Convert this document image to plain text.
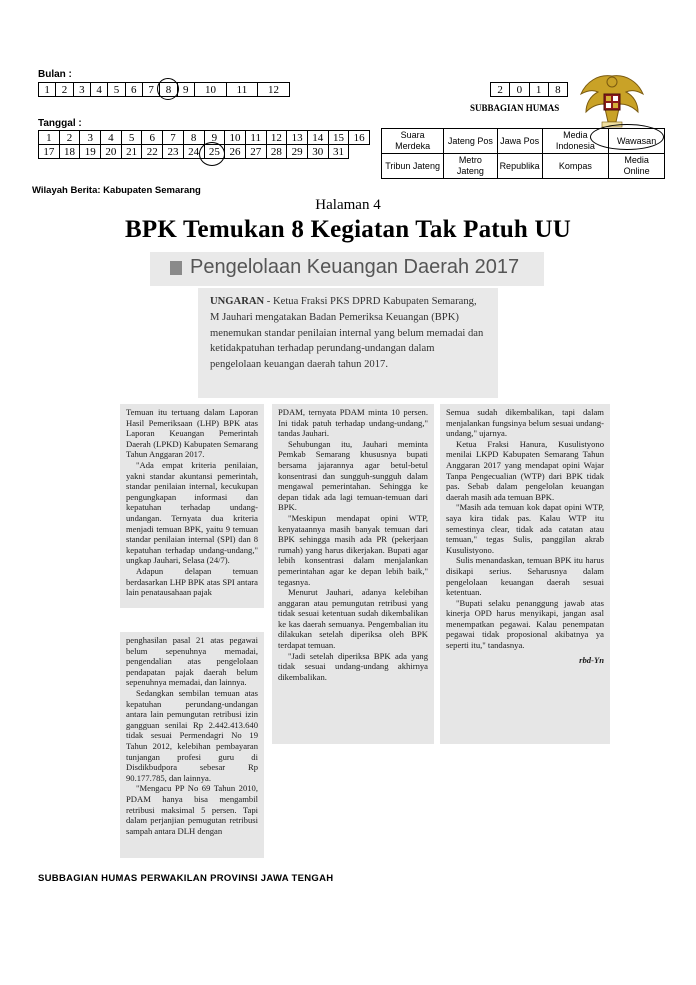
Bulan :
1	2	3	4	5	6	7	8	9	10	11	12
Tanggal :
1	2	3	4	5	6	7	8	9	10	11	12	13	14	15	16
17	18	19	20	21	22	23	24	25	26	27	28	29	30	31	
Wilayah Berita: Kabupaten Semarang
2	0	1	8
SUBBAGIAN HUMAS
Suara Merdeka	Jateng Pos	Jawa Pos	Media Indonesia	Wawasan
Tribun Jateng	Metro Jateng	Republika	Kompas	Media Online
Halaman 4
BPK Temukan 8 Kegiatan Tak Patuh UU
Pengelolaan Keuangan Daerah 2017
UNGARAN - Ketua Fraksi PKS DPRD Kabupaten Semarang, M Jauhari mengatakan Badan Pemeriksa Keuangan (BPK) menemukan standar penilaian internal yang belum memadai dan ketidakpatuhan terhadap perundang-undangan dalam pengelolaan keuangan daerah tahun 2017.

Temuan itu tertuang dalam Laporan Hasil Pemeriksaan (LHP) BPK atas Laporan Keuangan Pemerintah Daerah (LPKD) Kabupaten Semarang Tahun Anggaran 2017.

"Ada empat kriteria penilaian, yakni standar akuntansi pemerintah, standar penilaian internal, kecukupan pengungkapan informasi dan kepatuhan terhadap undang-undangan. Ternyata dua kriteria menjadi temuan BPK, yaitu 9 temuan standar penilaian internal (SPI) dan 8 kepatuhan terhadap undang-undang," ungkap Jauhari, Selasa (24/7).

Adapun delapan temuan berdasarkan LHP BPK atas SPI antara lain penatausahaan pajak

penghasilan pasal 21 atas pegawai belum sepenuhnya memadai, pengendalian atas pengelolaan pendapatan pajak daerah belum sepenuhnya memadai, dan lainnya.

Sedangkan sembilan temuan atas kepatuhan perundang-undangan antara lain pemungutan retribusi izin gangguan senilai Rp 2.442.413.640 tidak sesuai Permendagri No 19 Tahun 2012, kelebihan pembayaran tunjangan profesi guru di Disdikbudpora sebesar Rp 90.177.785, dan lainnya.

"Mengacu PP No 69 Tahun 2010, PDAM hanya bisa mengambil retribusi maksimal 5 persen. Tapi dalam perjanjian pemugutan retribusi sampah antara DLH dengan

PDAM, ternyata PDAM minta 10 persen. Ini tidak patuh terhadap undang-undang," tandas Jauhari.

Sehubungan itu, Jauhari meminta Pemkab Semarang khususnya bupati bersama jajarannya agar betul-betul konsentrasi dan sungguh-sungguh dalam mengawal pemerintahan. Sehingga ke depan tidak ada lagi temuan-temuan dari BPK.

"Meskipun mendapat opini WTP, kenyataannya masih banyak temuan dari BPK sehingga masih ada PR (pekerjaan rumah) yang harus dikerjakan. Bupati agar lebih konsentrasi dalam menjalankan pemerintahan agar ke depan lebih baik," tegasnya.

Menurut Jauhari, adanya kelebihan anggaran atau pemungutan retribusi yang tidak sesuai ketentuan sudah dikembalikan ke kas daerah semuanya. Pengembalian itu dilakukan setelah diperiksa oleh BPK terdapat temuan.

"Jadi setelah diperiksa BPK ada yang tidak sesuai undang-undang akhirnya dikembalikan.

Semua sudah dikembalikan, tapi dalam menjalankan fungsinya belum sesuai undang-undang," ujarnya.

Ketua Fraksi Hanura, Kusulistyono menilai LKPD Kabupaten Semarang Tahun Anggaran 2017 yang mendapat opini Wajar Tanpa Pengecualian (WTP) dari BPK tidak pas. Sebab dalam pengelolan keuangan daerah masih ada temuan BPK.

"Masih ada temuan kok dapat opini WTP, saya kira tidak pas. Kalau WTP itu semestinya clear, tidak ada catatan atau temuan," tegas Sulis, panggilan akrab Kusulistyono.

Sulis menandaskan, temuan BPK itu harus disikapi serius. Seharusnya dalam pengelolaan keuangan daerah sesuai ketentuan.

"Bupati selaku penanggung jawab atas kinerja OPD harus menyikapi, jangan asal menempatkan pegawai. Kalau penempatan pegawai tidak proposional akibatnya ya seperti itu," tandasnya.

rbd-Yn
SUBBAGIAN HUMAS PERWAKILAN PROVINSI JAWA TENGAH
